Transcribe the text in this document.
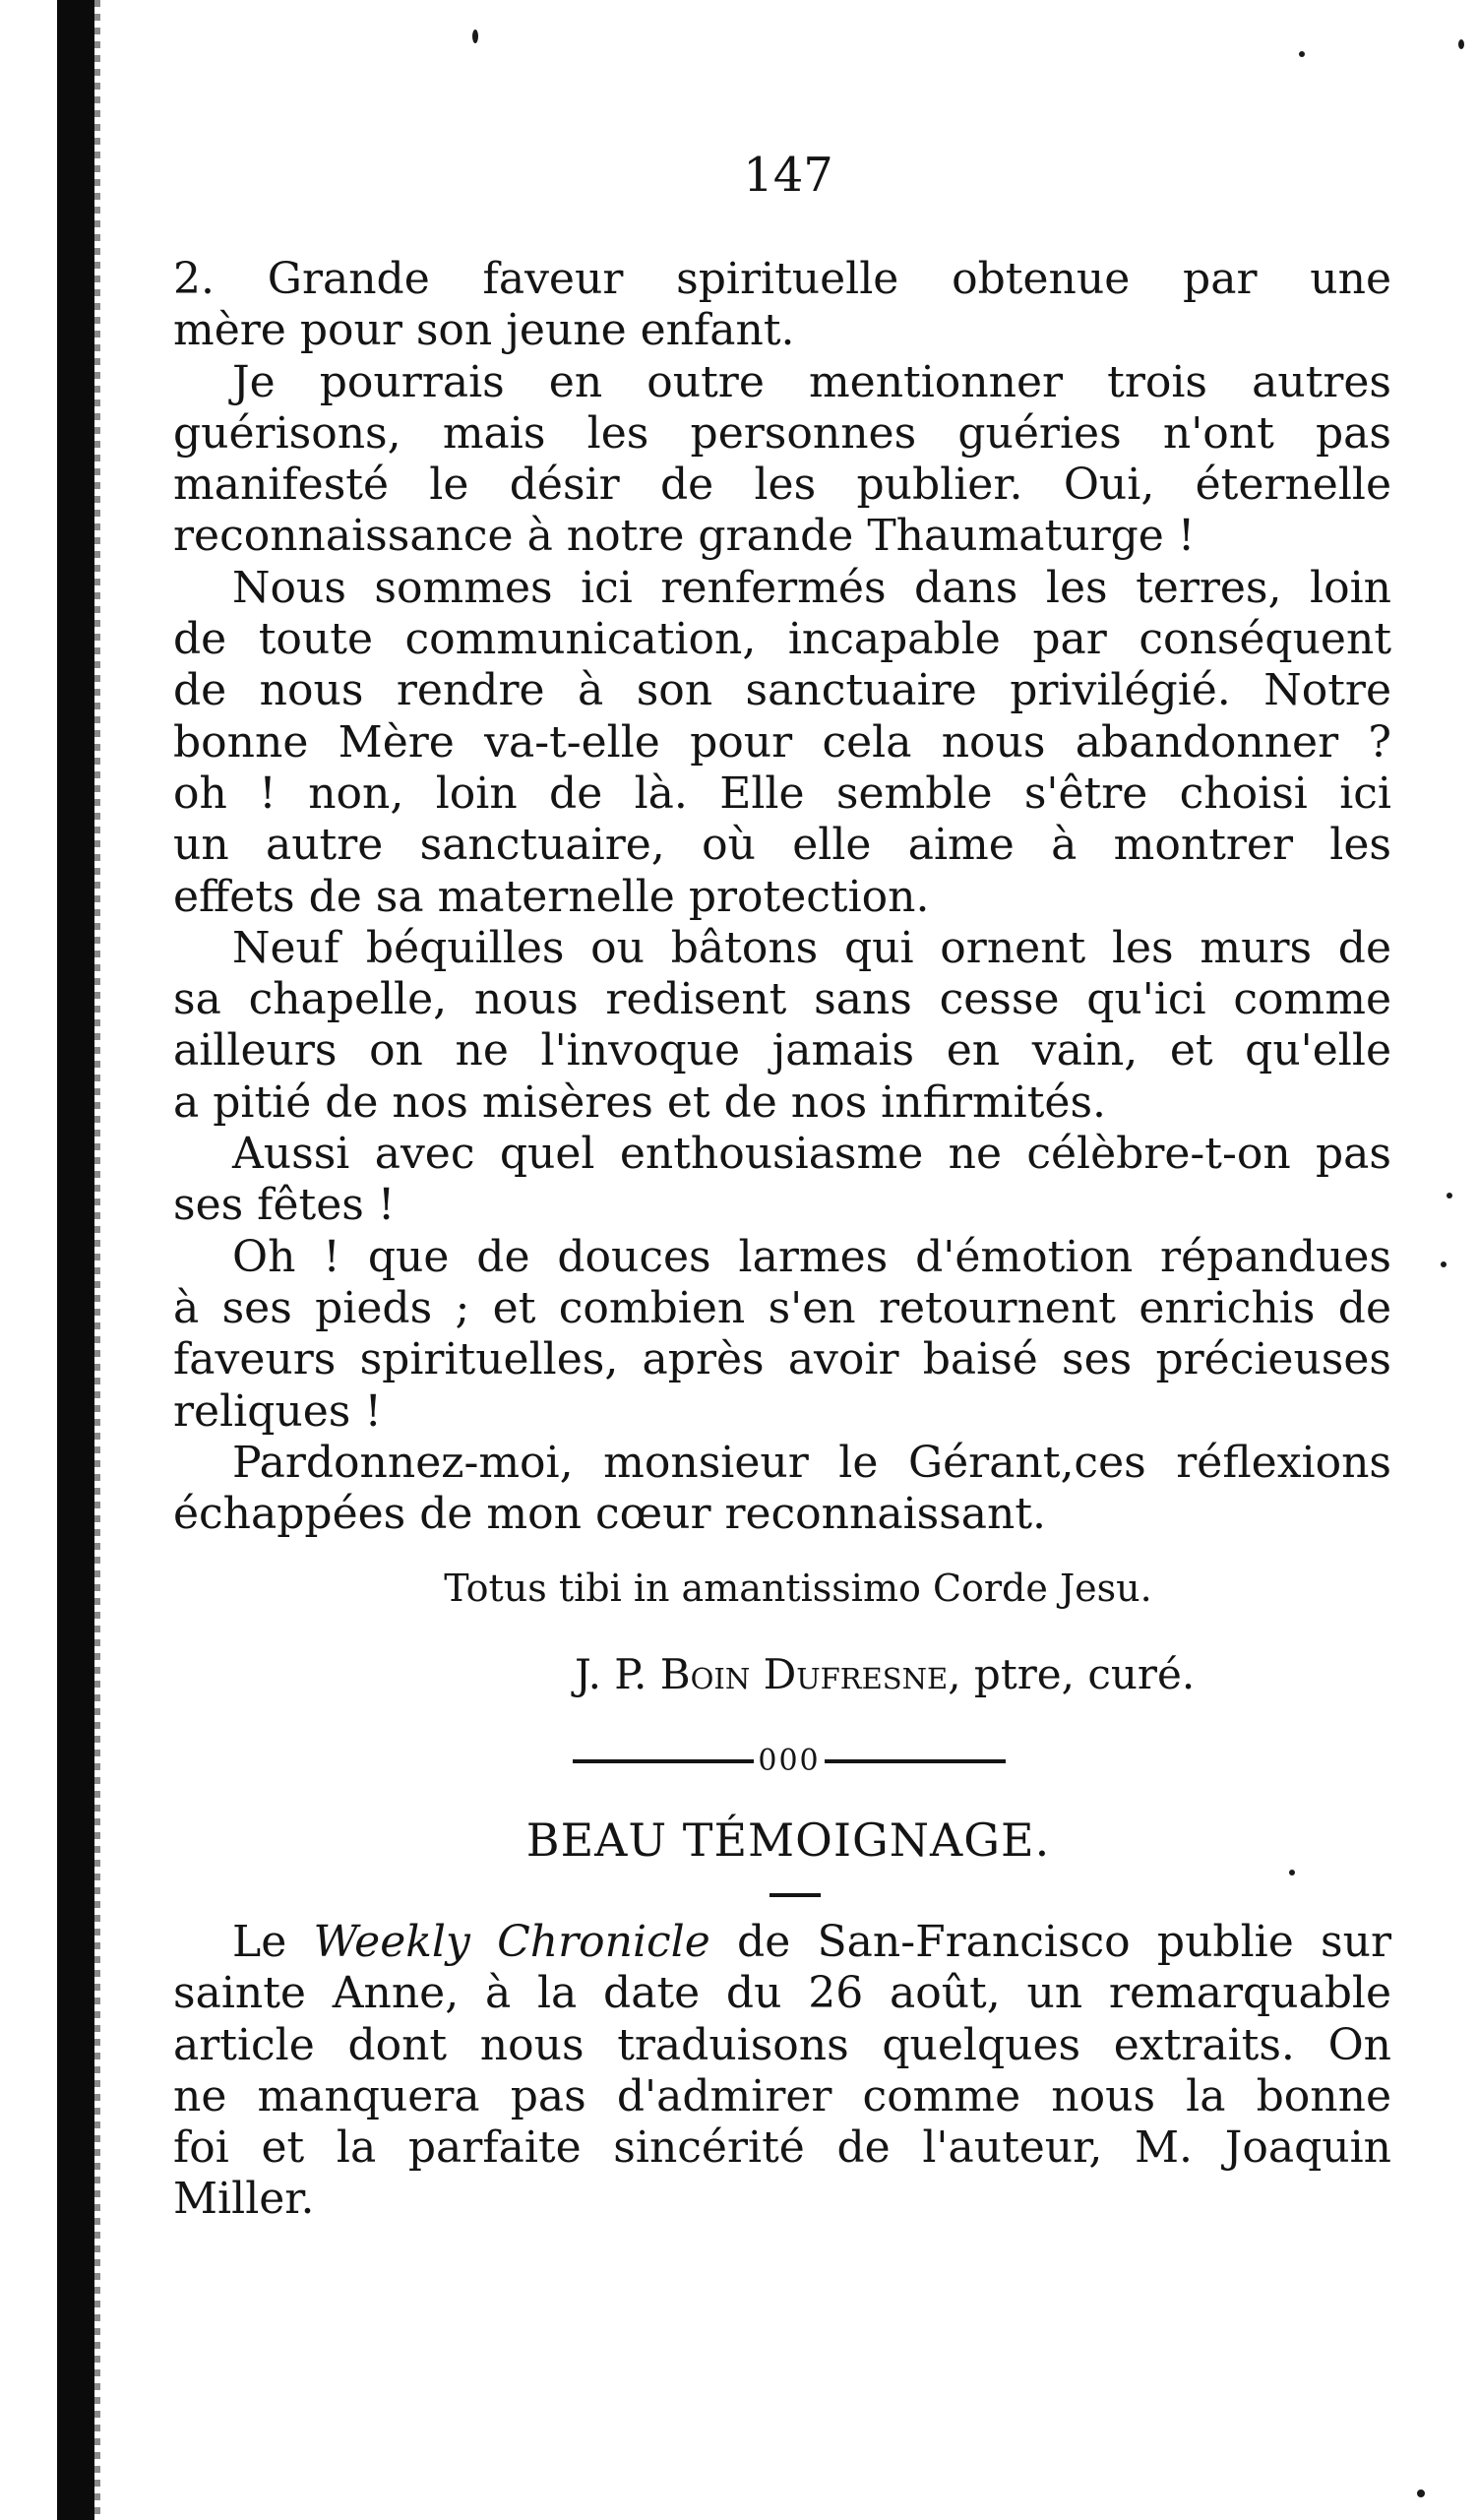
147
2. Grande faveur spirituelle obtenue par une
mère pour son jeune enfant.
Je pourrais en outre mentionner trois autres
guérisons, mais les personnes guéries n'ont pas
manifesté le désir de les publier. Oui, éternelle
reconnaissance à notre grande Thaumaturge !
Nous sommes ici renfermés dans les terres, loin
de toute communication, incapable par conséquent
de nous rendre à son sanctuaire privilégié. Notre
bonne Mère va-t-elle pour cela nous abandonner ?
oh ! non, loin de là. Elle semble s'être choisi ici
un autre sanctuaire, où elle aime à montrer les
effets de sa maternelle protection.
Neuf béquilles ou bâtons qui ornent les murs de
sa chapelle, nous redisent sans cesse qu'ici comme
ailleurs on ne l'invoque jamais en vain, et qu'elle
a pitié de nos misères et de nos infirmités.
Aussi avec quel enthousiasme ne célèbre-t-on pas
ses fêtes !
Oh ! que de douces larmes d'émotion répandues
à ses pieds ; et combien s'en retournent enrichis de
faveurs spirituelles, après avoir baisé ses précieuses
reliques !
Pardonnez-moi, monsieur le Gérant,ces réflexions
échappées de mon cœur reconnaissant.
Totus tibi in amantissimo Corde Jesu.
J. P. Boin Dufresne, ptre, curé.
000
BEAU TÉMOIGNAGE.
Le Weekly Chronicle de San-Francisco publie sur
sainte Anne, à la date du 26 août, un remarquable
article dont nous traduisons quelques extraits. On
ne manquera pas d'admirer comme nous la bonne
foi et la parfaite sincérité de l'auteur, M. Joaquin
Miller.
